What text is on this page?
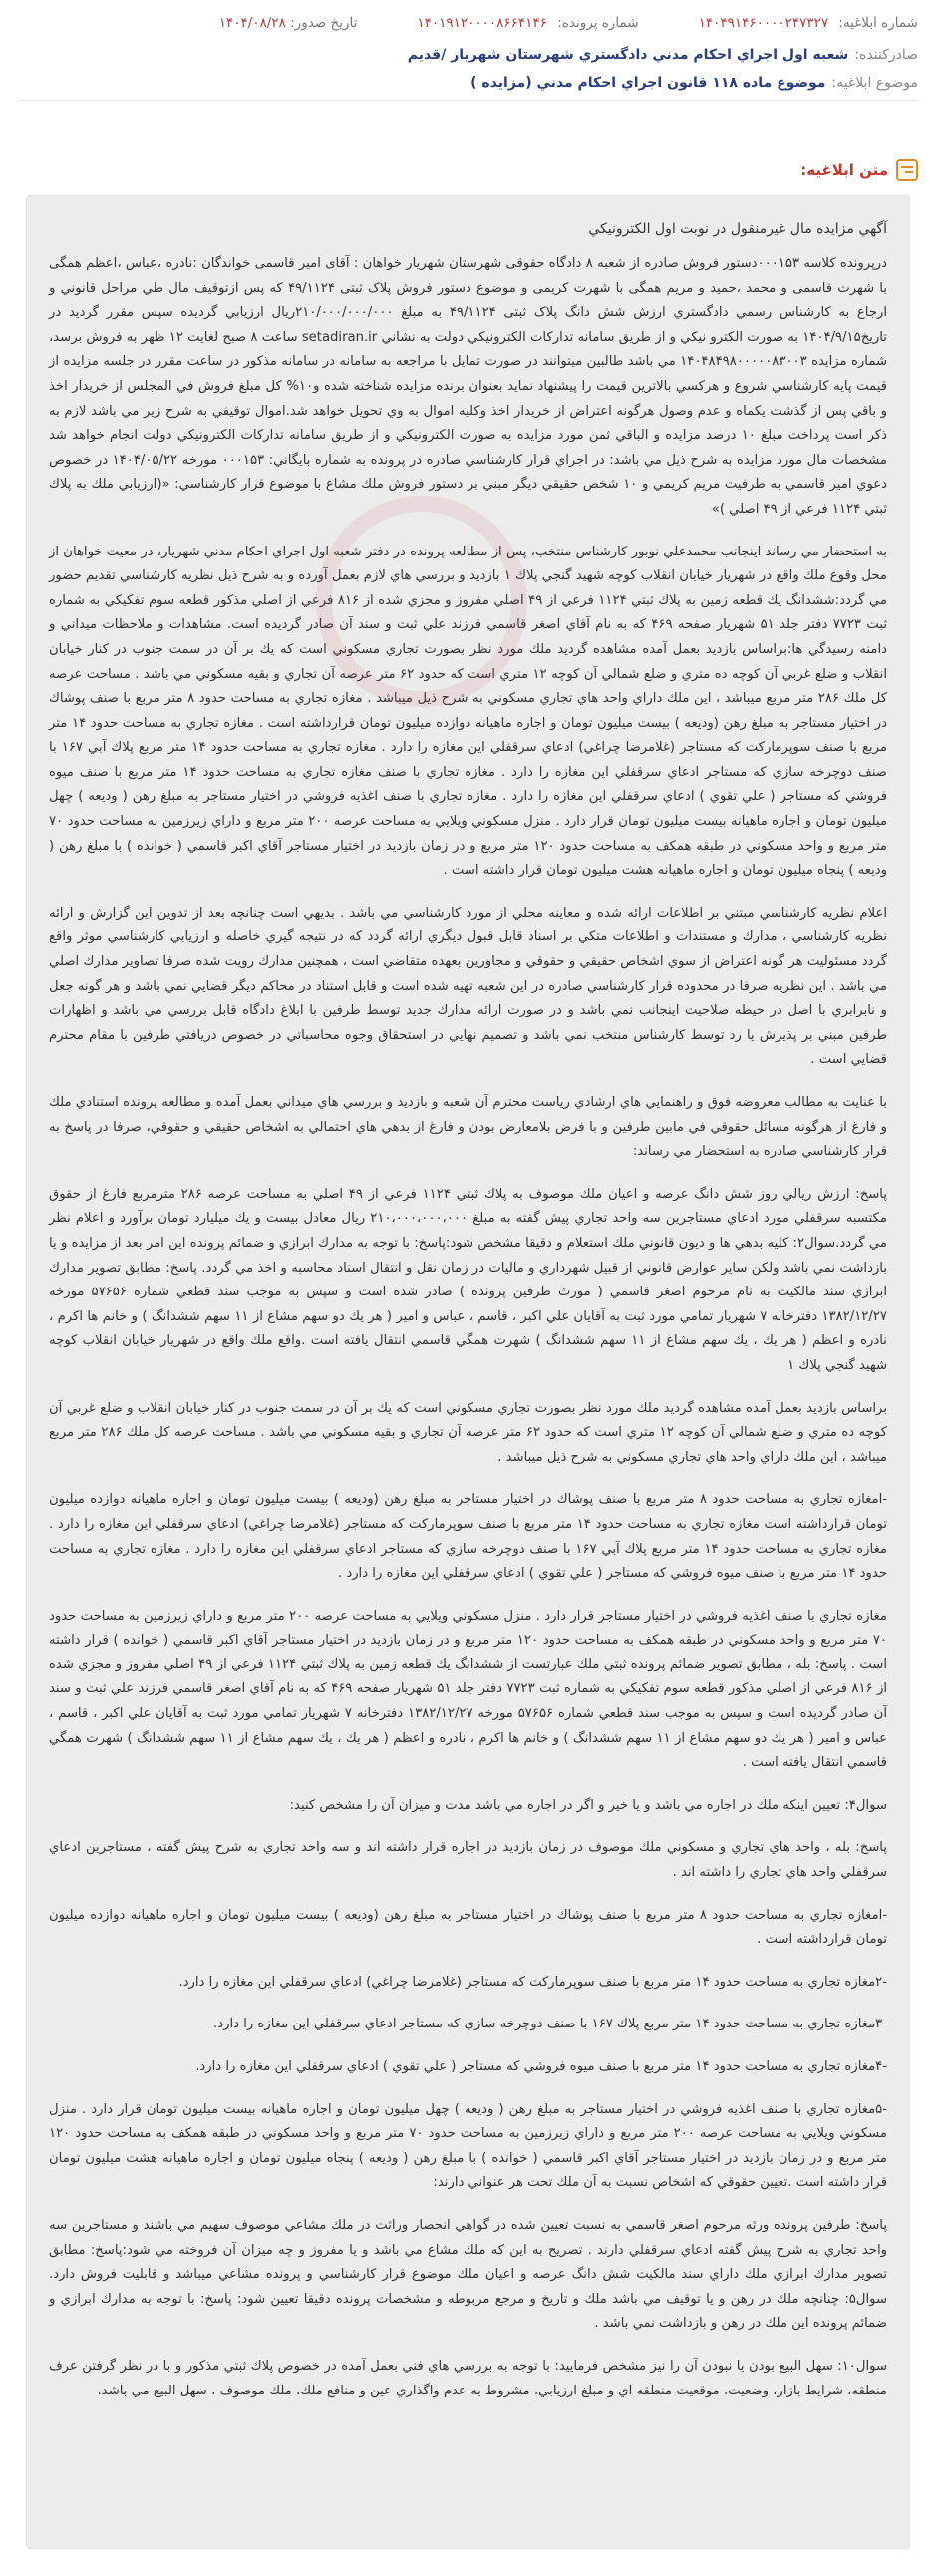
شماره ابلاغیه: ۱۴۰۴۹۱۴۶۰۰۰۰۲۴۷۳۲۷
شماره پرونده: ۱۴۰۱۹۱۲۰۰۰۰۸۶۶۴۱۴۶
تاریخ صدور: ۱۴۰۴/۰۸/۲۸
صادرکننده:
شعبه اول اجراي احكام مدني دادگستري شهرستان شهريار /قديم
موضوع ابلاغیه:
موضوع ماده ۱۱۸ قانون اجراي احكام مدني (مزايده )
متن ابلاغیه:
آگهي مزايده مال غيرمنقول در نوبت اول الكترونيكي

درپرونده کلاسه ۰۰۰۱۵۳دستور فروش صادره از شعبه ۸ دادگاه حقوقی شهرستان شهریار خواهان : آقای امیر قاسمی خواندگان :نادره ،عباس ،اعظم همگی با شهرت قاسمی و محمد ،حمید و مریم همگی با شهرت کریمی و موضوع دستور فروش پلاک ثبتی ۴۹/۱۱۲۴ که پس ازتوقیف مال طي مراحل قانوني و ارجاع به کارشناس رسمي دادگستري ارزش شش دانگ پلاک ثبتی ۴۹/۱۱۲۴ به مبلغ ۲۱۰/۰۰۰/۰۰۰/۰۰۰ريال ارزيابي گرديده سپس مقرر گرديد در تاريخ۱۴۰۴/۹/۱۵ به صورت الكترو نيكي و از طريق سامانه تداركات الكترونيكي دولت به نشاني setadiran.ir ساعت ۸ صبح لغایت ۱۲ ظهر به فروش برسد، شماره مزايده ۱۴۰۴۸۴۹۸۰۰۰۰۰۸۳۰۰۳ مي باشد طالبين ميتوانند در صورت تمايل با مراجعه به سامانه در سامانه مذکور در ساعت مقرر در جلسه مزايده از قيمت پايه كارشناسي شروع و هرکسي بالاترين قيمت را پيشنهاد نمايد بعنوان برنده مزايده شناخته شده و۱۰% کل مبلغ فروش في المجلس از خريدار اخذ و باقي پس از گذشت يكماه و عدم وصول هرگونه اعتراض از خريدار اخذ وكليه اموال به وي تحويل خواهد شد.اموال توقيفي به شرح زير مي باشد لازم به ذكر است پرداخت مبلغ ۱۰ درصد مزايده و الباقي ثمن مورد مزايده به صورت الكترونيكي و از طريق سامانه تداركات الكترونيكي دولت انجام خواهد شد مشخصات مال مورد مزايده به شرح ذيل مي باشد: در اجراي قرار كارشناسي صادره در پرونده به شماره بايگاني: ۰۰۰۱۵۳ مورخه ۱۴۰۴/۰۵/۲۲ در خصوص دعوي امير قاسمي به طرفيت مريم كريمي و ۱۰ شخص حقيقي ديگر مبني بر دستور فروش ملك مشاع با موضوع قرار كارشناسي: «(ارزيابي ملك به پلاك ثبتي ۱۱۲۴ فرعي از ۴۹ اصلي )»

به استحضار مي رساند اينجانب محمدعلي نوبور كارشناس منتخب، پس از مطالعه پرونده در دفتر شعبه اول اجراي احكام مدني شهريار، در معيت خواهان از محل وقوع ملك واقع در شهريار خيابان انقلاب كوچه شهيد گنجي پلاك ۱ بازديد و بررسي هاي لازم بعمل آورده و به شرح ذيل نظريه كارشناسي تقديم حضور مي گردد:ششدانگ يك قطعه زمين به پلاك ثبتي ۱۱۲۴ فرعي از ۴۹ اصلي مفروز و مجزي شده از ۸۱۶ فرعي از اصلي مذكور قطعه سوم تفكيكي به شماره ثبت ۷۷۲۳ دفتر جلد ۵۱ شهريار صفحه ۴۶۹ كه به نام آقاي اصغر قاسمي فرزند علي ثبت و سند آن صادر گرديده است. مشاهدات و ملاحظات ميداني و دامنه رسيدگي ها:براساس بازديد بعمل آمده مشاهده گرديد ملك مورد نظر بصورت تجاري مسكوني است كه يك بر آن در سمت جنوب در كنار خيابان انقلاب و ضلع غربي آن كوچه ده متري و ضلع شمالي آن كوچه ۱۲ متري است كه حدود ۶۲ متر عرصه آن تجاري و بقيه مسكوني مي باشد . مساحت عرصه كل ملك ۲۸۶ متر مربع ميباشد ، اين ملك داراي واحد هاي تجاري مسكوني به شرح ذيل ميباشد . مغازه تجاري به مساحت حدود ۸ متر مربع با صنف پوشاك در اختيار مستاجر به مبلغ رهن (وديعه ) بيست ميليون تومان و اجاره ماهيانه دوازده ميليون تومان قرارداشته است . مغازه تجاري به مساحت حدود ۱۴ متر مربع با صنف سوپرماركت كه مستاجر (غلامرضا چراغي) ادعاي سرقفلي اين مغازه را دارد . مغازه تجاري به مساحت حدود ۱۴ متر مربع پلاك آبي ۱۶۷ با صنف دوچرخه سازي كه مستاجر ادعاي سرقفلي اين مغازه را دارد . مغازه تجاري با صنف مغازه تجاري به مساحت حدود ۱۴ متر مربع با صنف ميوه فروشي كه مستاجر ( علي تقوي ) ادعاي سرقفلي اين مغازه را دارد . مغازه تجاري با صنف اغذيه فروشي در اختيار مستاجر به مبلغ رهن ( وديعه ) چهل ميليون تومان و اجاره ماهيانه بيست ميليون تومان قرار دارد . منزل مسكوني ويلايي به مساحت عرصه ۲۰۰ متر مربع و داراي زيرزمين به مساحت حدود ۷۰ متر مربع و واحد مسكوني در طبقه همكف به مساحت حدود ۱۲۰ متر مربع و در زمان بازديد در اختيار مستاجر آقاي اكبر قاسمي ( خوانده ) با مبلغ رهن ( وديعه ) پنجاه ميليون تومان و اجاره ماهيانه هشت ميليون تومان قرار داشته است .

اعلام نظريه كارشناسي مبتني بر اطلاعات ارائه شده و معاينه محلي از مورد كارشناسي مي باشد . بديهي است چنانچه بعد از تدوين اين گزارش و ارائه نظريه كارشناسي ، مدارك و مستندات و اطلاعات متكي بر اسناد قابل قبول ديگري ارائه گردد كه در نتيجه گيري خاصله و ارزيابي كارشناسي موثر واقع گردد مسئوليت هر گونه اعتراض از سوي اشخاص حقيقي و حقوقي و مجاورين بعهده متقاضي است ، همچنين مدارك رويت شده صرفا تصاوير مدارك اصلي مي باشد . اين نظريه صرفا در محدوده قرار كارشناسي صادره در اين شعبه تهيه شده است و قابل استناد در محاكم ديگر قضايي نمي باشد و هر گونه جعل و نابرابري با اصل در حيطه صلاحيت اينجانب نمي باشد و در صورت ارائه مدارك جديد توسط طرفين با ابلاغ دادگاه قابل بررسي مي باشد و اظهارات طرفين مبني بر پذيرش يا رد توسط كارشناس منتخب نمي باشد و تصميم نهايي در استحقاق وجوه محاسباتي در خصوص دريافتي طرفين با مقام محترم قضايي است .

با عنايت به مطالب معروضه فوق و راهنمايي هاي ارشادي رياست محترم آن شعبه و بازديد و بررسي هاي ميداني بعمل آمده و مطالعه پرونده استنادي ملك و فارغ از هرگونه مسائل حقوقي في مابين طرفين و با فرض بلامعارض بودن و فارغ از بدهي هاي احتمالي به اشخاص حقيقي و حقوقي، صرفا در پاسخ به قرار كارشناسي صادره به استحضار مي رساند:

پاسخ: ارزش ريالي روز شش دانگ عرصه و اعيان ملك موصوف به پلاك ثبتي ۱۱۲۴ فرعي از ۴۹ اصلي به مساحت عرصه ۲۸۶ مترمربع فارغ از حقوق مكتسبه سرقفلي مورد ادعاي مستاجرين سه واحد تجاري پيش گفته به مبلغ ۲۱۰،۰۰۰،۰۰۰،۰۰۰ ريال معادل بيست و يك ميليارد تومان برآورد و اعلام نظر مي گردد.سوال۲: كليه بدهي ها و ديون قانوني ملك استعلام و دقيقا مشخص شود:پاسخ: با توجه به مدارك ابرازي و ضمائم پرونده اين امر بعد از مزايده و يا بازداشت نمي باشد ولكن ساير عوارض قانوني از قبيل شهرداري و ماليات در زمان نقل و انتقال اسناد محاسبه و اخذ مي گردد. پاسخ: مطابق تصوير مدارك ابرازي سند مالكيت به نام مرحوم اصغر قاسمي ( مورث طرفين پرونده ) صادر شده است و سپس به موجب سند قطعي شماره ۵۷۶۵۶ مورخه ۱۳۸۲/۱۲/۲۷ دفترخانه ۷ شهريار تمامي مورد ثبت به آقايان علي اكبر ، قاسم ، عباس و امير ( هر يك دو سهم مشاع از ۱۱ سهم ششدانگ ) و خانم ها اكرم ، نادره و اعظم ( هر يك ، يك سهم مشاع از ۱۱ سهم ششدانگ ) شهرت همگي قاسمي انتقال يافته است .واقع ملك واقع در شهريار خيابان انقلاب كوچه شهيد گنجي پلاك ۱

براساس بازديد بعمل آمده مشاهده گرديد ملك مورد نظر بصورت تجاري مسكوني است كه يك بر آن در سمت جنوب در كنار خيابان انقلاب و ضلع غربي آن كوچه ده متري و ضلع شمالي آن كوچه ۱۲ متري است كه حدود ۶۲ متر عرصه آن تجاري و بقيه مسكوني مي باشد . مساحت عرصه كل ملك ۲۸۶ متر مربع ميباشد ، اين ملك داراي واحد هاي تجاري مسكوني به شرح ذيل ميباشد .

-امغازه تجاري به مساحت حدود ۸ متر مربع با صنف پوشاك در اختيار مستاجر به مبلغ رهن (وديعه ) بيست ميليون تومان و اجاره ماهيانه دوازده ميليون تومان قرارداشته است مغازه تجاري به مساحت حدود ۱۴ متر مربع با صنف سوپرماركت كه مستاجر (غلامرضا چراغي) ادعاي سرقفلي اين مغازه را دارد . مغازه تجاري به مساحت حدود ۱۴ متر مربع پلاك آبي ۱۶۷ با صنف دوچرخه سازي كه مستاجر ادعاي سرقفلي اين مغازه را دارد . مغازه تجاري به مساحت حدود ۱۴ متر مربع با صنف ميوه فروشي كه مستاجر ( علي تقوي ) ادعاي سرقفلي اين مغازه را دارد .

مغازه تجاري با صنف اغذيه فروشي در اختيار مستاجر قرار دارد . منزل مسكوني ويلايي به مساحت عرصه ۲۰۰ متر مربع و داراي زيرزمين به مساحت حدود ۷۰ متر مربع و واحد مسكوني در طبقه همكف به مساحت حدود ۱۲۰ متر مربع و در زمان بازديد در اختيار مستاجر آقاي اكبر قاسمي ( خوانده ) قرار داشته است . پاسخ: بله ، مطابق تصوير ضمائم پرونده ثبتي ملك عبارتست از ششدانگ يك قطعه زمين به پلاك ثبتي ۱۱۲۴ فرعي از ۴۹ اصلي مفروز و مجزي شده از ۸۱۶ فرعي از اصلي مذكور قطعه سوم تفكيكي به شماره ثبت ۷۷۲۳ دفتر جلد ۵۱ شهريار صفحه ۴۶۹ كه به نام آقاي اصغر قاسمي فرزند علي ثبت و سند آن صادر گرديده است و سپس به موجب سند قطعي شماره ۵۷۶۵۶ مورخه ۱۳۸۲/۱۲/۲۷ دفترخانه ۷ شهريار تمامي مورد ثبت به آقايان علي اكبر ، قاسم ، عباس و امير ( هر يك دو سهم مشاع از ۱۱ سهم ششدانگ ) و خانم ها اكرم ، نادره و اعظم ( هر يك ، يك سهم مشاع از ۱۱ سهم ششدانگ ) شهرت همگي قاسمي انتقال يافته است .

سوال۴: تعيين اينكه ملك در اجاره مي باشد و يا خير و اگر در اجاره مي باشد مدت و ميزان آن را مشخص كنيد:

پاسخ: بله ، واحد هاي تجاري و مسكوني ملك موصوف در زمان بازديد در اجاره قرار داشته اند و سه واحد تجاري به شرح پيش گفته ، مستاجرين ادعاي سرقفلي واحد هاي تجاري را داشته اند .

-امغازه تجاري به مساحت حدود ۸ متر مربع با صنف پوشاك در اختيار مستاجر به مبلغ رهن (وديعه ) بيست ميليون تومان و اجاره ماهيانه دوازده ميليون تومان قرارداشته است .

-۲مغازه تجاري به مساحت حدود ۱۴ متر مربع با صنف سوپرماركت كه مستاجر (غلامرضا چراغي) ادعاي سرقفلي اين مغازه را دارد.

-۳مغازه تجاري به مساحت حدود ۱۴ متر مربع پلاك ۱۶۷ با صنف دوچرخه سازي كه مستاجر ادعاي سرقفلي اين مغازه را دارد.

-۴مغازه تجاري به مساحت حدود ۱۴ متر مربع با صنف ميوه فروشي كه مستاجر ( علي تقوي ) ادعاي سرقفلي اين مغازه را دارد.

-۵مغازه تجاري با صنف اغذيه فروشي در اختيار مستاجر به مبلغ رهن ( وديعه ) چهل ميليون تومان و اجاره ماهيانه بيست ميليون تومان قرار دارد . منزل مسكوني ويلايي به مساحت عرصه ۲۰۰ متر مربع و داراي زيرزمين به مساحت حدود ۷۰ متر مربع و واحد مسكوني در طبقه همكف به مساحت حدود ۱۲۰ متر مربع و در زمان بازديد در اختيار مستاجر آقاي اكبر قاسمي ( خوانده ) با مبلغ رهن ( وديعه ) پنجاه ميليون تومان و اجاره ماهيانه هشت ميليون تومان قرار داشته است .تعيين حقوقي كه اشخاص نسبت به آن ملك تحت هر عنواني دارند:

پاسخ: طرفين پرونده ورثه مرحوم اصغر قاسمي به نسبت تعيين شده در گواهي انحصار وراثت در ملك مشاعي موصوف سهيم مي باشند و مستاجرين سه واحد تجاري به شرح پيش گفته ادعاي سرقفلي دارند . تصريح به اين كه ملك مشاع مي باشد و يا مفروز و چه ميزان آن فروخته مي شود:پاسخ: مطابق تصوير مدارك ابرازي ملك داراي سند مالكيت شش دانگ عرصه و اعيان ملك موضوع قرار كارشناسي و پرونده مشاعي ميباشد و قابليت فروش دارد. سوال۵: چنانچه ملك در رهن و يا توقيف مي باشد ملك و تاريخ و مرجع مربوطه و مشخصات پرونده دقيقا تعيين شود: پاسخ: با توجه به مدارك ابرازي و ضمائم پرونده اين ملك در رهن و بازداشت نمي باشد .

سوال۱۰: سهل البيع بودن يا نبودن آن را نيز مشخص فرماييد: با توجه به بررسي هاي فني بعمل آمده در خصوص پلاك ثبتي مذكور و با در نظر گرفتن عرف منطقه، شرايط بازار، وضعيت، موقعيت منطقه اي و مبلغ ارزيابي، مشروط به عدم واگذاري عين و منافع ملك، ملك موصوف ، سهل البيع مي باشد.
